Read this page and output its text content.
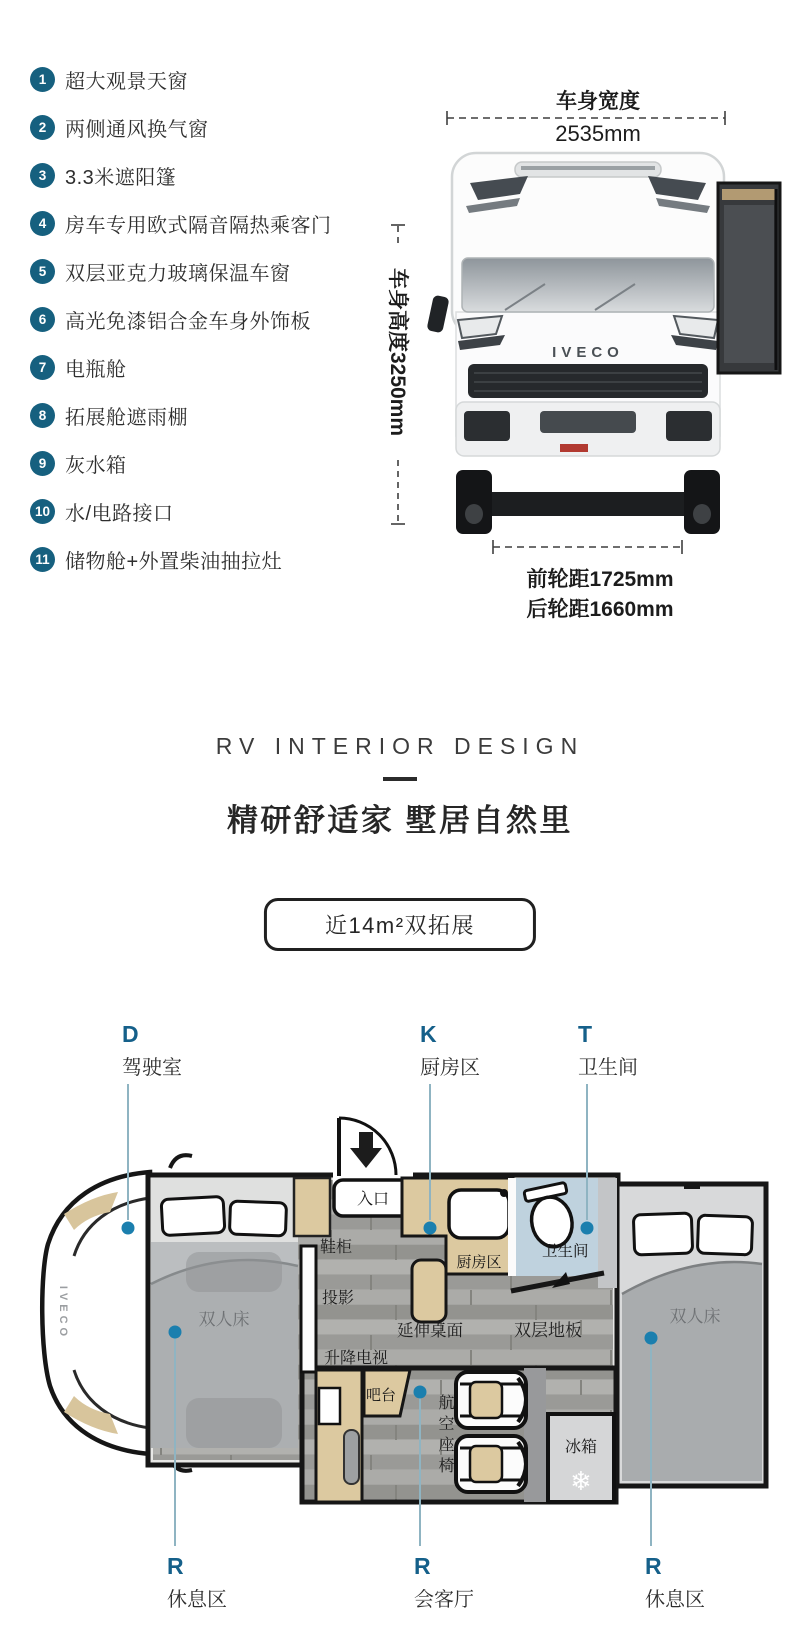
1 超大观景天窗
2 两侧通风换气窗
3 3.3米遮阳篷
4 房车专用欧式隔音隔热乘客门
5 双层亚克力玻璃保温车窗
6 高光免漆铝合金车身外饰板
7 电瓶舱
8 拓展舱遮雨棚
9 灰水箱
10 水/电路接口
11 储物舱+外置柴油抽拉灶
车身宽度
2535mm
车身高度3250mm	IVECO
前轮距1725mm
后轮距1660mm
RV INTERIOR DESIGN
精研舒适家 墅居自然里
近14m²双拓展
航空座椅
IVECO
入口
厨房区
卫生间
吧台
冰箱
❄
双人床
双人床
鞋柜
投影
升降电视
延伸桌面	双层地板
D
驾驶室
K
厨房区
T
卫生间
R
休息区
R
会客厅
R
休息区
